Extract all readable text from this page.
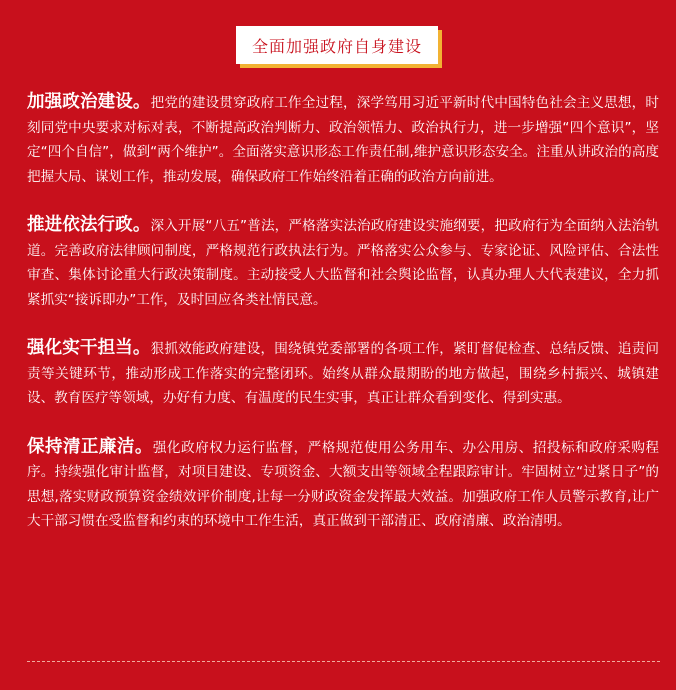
全面加强政府自身建设

加强政治建设。把党的建设贯穿政府工作全过程，深学笃用习近平新时代中国特色社会主义思想，时刻同党中央要求对标对表，不断提高政治判断力、政治领悟力、政治执行力，进一步增强“四个意识”，坚定“四个自信”，做到“两个维护”。全面落实意识形态工作责任制,维护意识形态安全。注重从讲政治的高度把握大局、谋划工作，推动发展，确保政府工作始终沿着正确的政治方向前进。

推进依法行政。深入开展“八五”普法，严格落实法治政府建设实施纲要，把政府行为全面纳入法治轨道。完善政府法律顾问制度，严格规范行政执法行为。严格落实公众参与、专家论证、风险评估、合法性审查、集体讨论重大行政决策制度。主动接受人大监督和社会舆论监督，认真办理人大代表建议，全力抓紧抓实“接诉即办”工作，及时回应各类社情民意。

强化实干担当。狠抓效能政府建设，围绕镇党委部署的各项工作，紧盯督促检查、总结反馈、追责问责等关键环节，推动形成工作落实的完整闭环。始终从群众最期盼的地方做起，围绕乡村振兴、城镇建设、教育医疗等领域，办好有力度、有温度的民生实事，真正让群众看到变化、得到实惠。

保持清正廉洁。强化政府权力运行监督，严格规范使用公务用车、办公用房、招投标和政府采购程序。持续强化审计监督，对项目建设、专项资金、大额支出等领域全程跟踪审计。牢固树立“过紧日子”的思想,落实财政预算资金绩效评价制度,让每一分财政资金发挥最大效益。加强政府工作人员警示教育,让广大干部习惯在受监督和约束的环境中工作生活，真正做到干部清正、政府清廉、政治清明。
